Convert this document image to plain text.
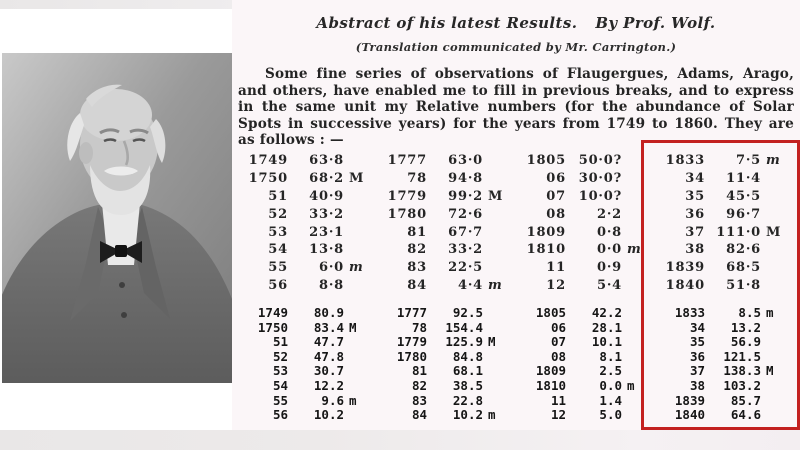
Abstract of his latest Results. By Prof. Wolf.
(Translation communicated by Mr. Carrington.)
Some fine series of observations of Flaugergues, Adams, Arago, and others, have enabled me to fill in previous breaks, and to express in the same unit my Relative numbers (for the abundance of Solar Spots in successive years) for the years from 1749 to 1860. They are as follows : —
1749	63·8
1750	68·2 M
51	40·9
52	33·2
53	23·1
54	13·8
55	6·0 m
56	8·8
1777	63·0
78	94·8
1779	99·2 M
1780	72·6
81	67·7
82	33·2
83	22·5
84	4·4 m
1805 50·0?
06 30·0?
07 10·0?
08	2·2
1809	0·8
1810	0·0 m
11	0·9
12	5·4
1833	7·5 m
34	11·4
35	45·5
36	96·7
37 111·0 M
38	82·6
1839	68·5
1840	51·8
1749	80.9
1750	83.4 M
51	47.7
52	47.8
53	30.7
54	12.2
55	9.6 m
56	10.2
1777	92.5
78	154.4
1779	125.9 M
1780	84.8
81	68.1
82	38.5
83	22.8
84	10.2 m
1805	42.2
06	28.1
07	10.1
08	8.1
1809	2.5
1810	0.0 m
11	1.4
12	5.0
1833	8.5 m
34	13.2
35	56.9
36	121.5
37	138.3 M
38	103.2
1839	85.7
1840	64.6
